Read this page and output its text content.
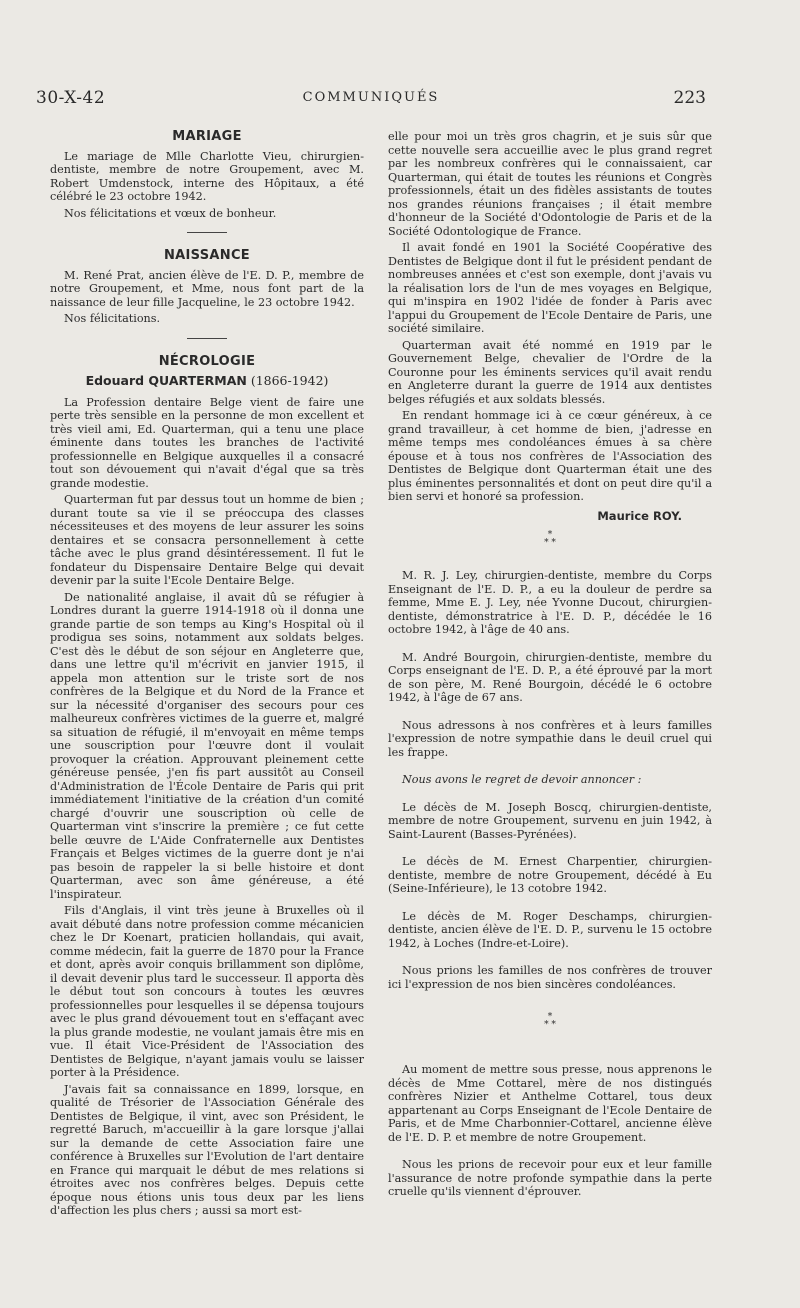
30-X-42	COMMUNIQUÉS	223
MARIAGE

Le mariage de Mlle Charlotte Vieu, chirurgien-dentiste, membre de notre Groupement, avec M. Robert Umdenstock, interne des Hôpitaux, a été célébré le 23 octobre 1942.

Nos félicitations et vœux de bonheur.

NAISSANCE

M. René Prat, ancien élève de l'E. D. P., membre de notre Groupement, et Mme, nous font part de la naissance de leur fille Jacqueline, le 23 octobre 1942.

Nos félicitations.

NÉCROLOGIE
Edouard QUARTERMAN (1866-1942)

La Profession dentaire Belge vient de faire une perte très sensible en la personne de mon excellent et très vieil ami, Ed. Quarterman, qui a tenu une place éminente dans toutes les branches de l'activité professionnelle en Belgique auxquelles il a consacré tout son dévouement qui n'avait d'égal que sa très grande modestie.

Quarterman fut par dessus tout un homme de bien ; durant toute sa vie il se préoccupa des classes nécessiteuses et des moyens de leur assurer les soins dentaires et se consacra personnellement à cette tâche avec le plus grand désintéressement. Il fut le fondateur du Dispensaire Dentaire Belge qui devait devenir par la suite l'Ecole Dentaire Belge.

De nationalité anglaise, il avait dû se réfugier à Londres durant la guerre 1914-1918 où il donna une grande partie de son temps au King's Hospital où il prodigua ses soins, notamment aux soldats belges. C'est dès le début de son séjour en Angleterre que, dans une lettre qu'il m'écrivit en janvier 1915, il appela mon attention sur le triste sort de nos confrères de la Belgique et du Nord de la France et sur la nécessité d'organiser des secours pour ces malheureux confrères victimes de la guerre et, malgré sa situation de réfugié, il m'envoyait en même temps une souscription pour l'œuvre dont il voulait provoquer la création. Approuvant pleinement cette généreuse pensée, j'en fis part aussitôt au Conseil d'Administration de l'École Dentaire de Paris qui prit immédiatement l'initiative de la création d'un comité chargé d'ouvrir une souscription où celle de Quarterman vint s'inscrire la première ; ce fut cette belle œuvre de L'Aide Confraternelle aux Dentistes Français et Belges victimes de la guerre dont je n'ai pas besoin de rappeler la si belle histoire et dont Quarterman, avec son âme généreuse, a été l'inspirateur.

Fils d'Anglais, il vint très jeune à Bruxelles où il avait débuté dans notre profession comme mécanicien chez le Dr Koenart, praticien hollandais, qui avait, comme médecin, fait la guerre de 1870 pour la France et dont, après avoir conquis brillamment son diplôme, il devait devenir plus tard le successeur. Il apporta dès le début tout son concours à toutes les œuvres professionnelles pour lesquelles il se dépensa toujours avec le plus grand dévouement tout en s'effaçant avec la plus grande modestie, ne voulant jamais être mis en vue. Il était Vice-Président de l'Association des Dentistes de Belgique, n'ayant jamais voulu se laisser porter à la Présidence.

J'avais fait sa connaissance en 1899, lorsque, en qualité de Trésorier de l'Association Générale des Dentistes de Belgique, il vint, avec son Président, le regretté Baruch, m'accueillir à la gare lorsque j'allai sur la demande de cette Association faire une conférence à Bruxelles sur l'Evolution de l'art dentaire en France qui marquait le début de mes relations si étroites avec nos confrères belges. Depuis cette époque nous étions unis tous deux par les liens d'affection les plus chers ; aussi sa mort est-

elle pour moi un très gros chagrin, et je suis sûr que cette nouvelle sera accueillie avec le plus grand regret par les nombreux confrères qui le connaissaient, car Quarterman, qui était de toutes les réunions et Congrès professionnels, était un des fidèles assistants de toutes nos grandes réunions françaises ; il était membre d'honneur de la Société d'Odontologie de Paris et de la Société Odontologique de France.

Il avait fondé en 1901 la Société Coopérative des Dentistes de Belgique dont il fut le président pendant de nombreuses années et c'est son exemple, dont j'avais vu la réalisation lors de l'un de mes voyages en Belgique, qui m'inspira en 1902 l'idée de fonder à Paris avec l'appui du Groupement de l'Ecole Dentaire de Paris, une société similaire.

Quarterman avait été nommé en 1919 par le Gouvernement Belge, chevalier de l'Ordre de la Couronne pour les éminents services qu'il avait rendu en Angleterre durant la guerre de 1914 aux dentistes belges réfugiés et aux soldats blessés.

En rendant hommage ici à ce cœur généreux, à ce grand travailleur, à cet homme de bien, j'adresse en même temps mes condoléances émues à sa chère épouse et à tous nos confrères de l'Association des Dentistes de Belgique dont Quarterman était une des plus éminentes personnalités et dont on peut dire qu'il a bien servi et honoré sa profession.

Maurice ROY.
*
* *

M. R. J. Ley, chirurgien-dentiste, membre du Corps Enseignant de l'E. D. P., a eu la douleur de perdre sa femme, Mme E. J. Ley, née Yvonne Ducout, chirurgien-dentiste, démonstratrice à l'E. D. P., décédée le 16 octobre 1942, à l'âge de 40 ans.

M. André Bourgoin, chirurgien-dentiste, membre du Corps enseignant de l'E. D. P., a été éprouvé par la mort de son père, M. René Bourgoin, décédé le 6 octobre 1942, à l'âge de 67 ans.

Nous adressons à nos confrères et à leurs familles l'expression de notre sympathie dans le deuil cruel qui les frappe.

Nous avons le regret de devoir annoncer :

Le décès de M. Joseph Boscq, chirurgien-dentiste, membre de notre Groupement, survenu en juin 1942, à Saint-Laurent (Basses-Pyrénées).

Le décès de M. Ernest Charpentier, chirurgien-dentiste, membre de notre Groupement, décédé à Eu (Seine-Inférieure), le 13 cotobre 1942.

Le décès de M. Roger Deschamps, chirurgien-dentiste, ancien élève de l'E. D. P., survenu le 15 octobre 1942, à Loches (Indre-et-Loire).

Nous prions les familles de nos confrères de trouver ici l'expression de nos bien sincères condoléances.

*
* *

Au moment de mettre sous presse, nous apprenons le décès de Mme Cottarel, mère de nos distingués confrères Nizier et Anthelme Cottarel, tous deux appartenant au Corps Enseignant de l'Ecole Dentaire de Paris, et de Mme Charbonnier-Cottarel, ancienne élève de l'E. D. P. et membre de notre Groupement.

Nous les prions de recevoir pour eux et leur famille l'assurance de notre profonde sympathie dans la perte cruelle qu'ils viennent d'éprouver.
